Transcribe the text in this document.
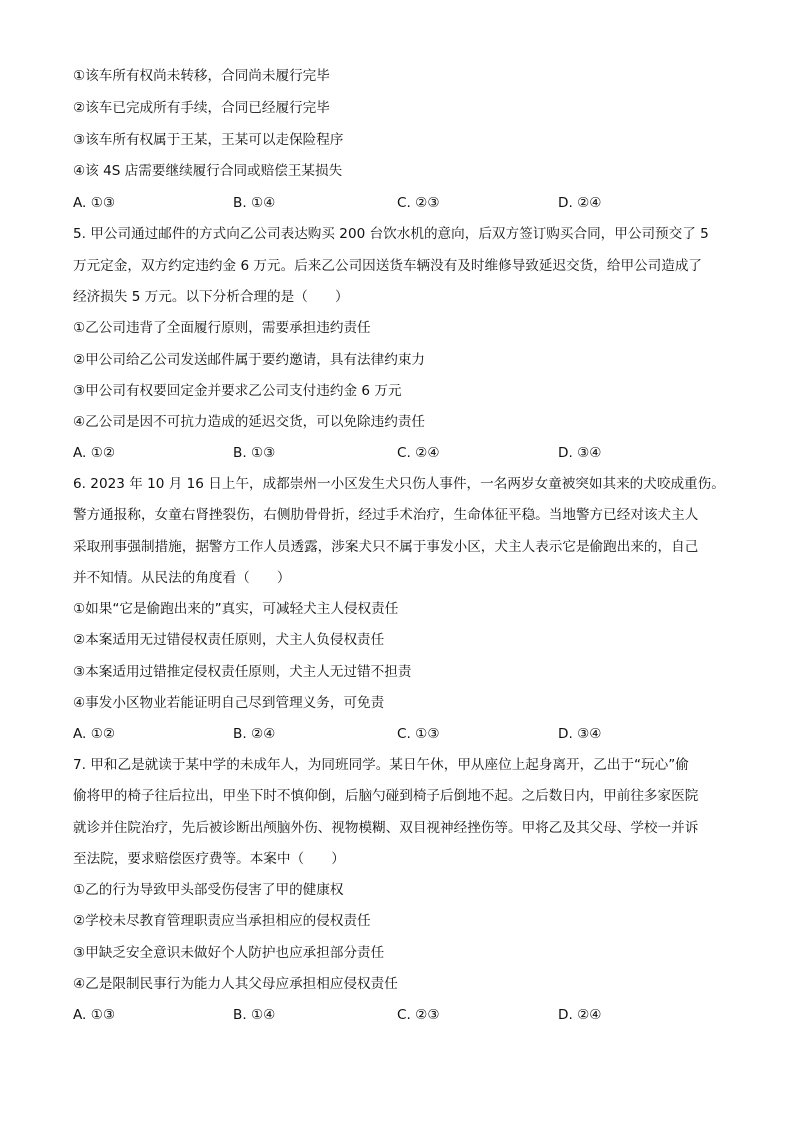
①该车所有权尚未转移，合同尚未履行完毕
②该车已完成所有手续，合同已经履行完毕
③该车所有权属于王某，王某可以走保险程序
④该 4S 店需要继续履行合同或赔偿王某损失
A. ①③	B. ①④	C. ②③	D. ②④
5. 甲公司通过邮件的方式向乙公司表达购买 200 台饮水机的意向，后双方签订购买合同，甲公司预交了 5
万元定金，双方约定违约金 6 万元。后来乙公司因送货车辆没有及时维修导致延迟交货，给甲公司造成了
经济损失 5 万元。以下分析合理的是（　　）
①乙公司违背了全面履行原则，需要承担违约责任
②甲公司给乙公司发送邮件属于要约邀请，具有法律约束力
③甲公司有权要回定金并要求乙公司支付违约金 6 万元
④乙公司是因不可抗力造成的延迟交货，可以免除违约责任
A. ①②	B. ①③	C. ②④	D. ③④
6. 2023 年 10 月 16 日上午，成都崇州一小区发生犬只伤人事件，一名两岁女童被突如其来的犬咬成重伤。
警方通报称，女童右肾挫裂伤，右侧肋骨骨折，经过手术治疗，生命体征平稳。当地警方已经对该犬主人
采取刑事强制措施，据警方工作人员透露，涉案犬只不属于事发小区，犬主人表示它是偷跑出来的，自己
并不知情。从民法的角度看（　　）
①如果“它是偷跑出来的”真实，可减轻犬主人侵权责任
②本案适用无过错侵权责任原则，犬主人负侵权责任
③本案适用过错推定侵权责任原则，犬主人无过错不担责
④事发小区物业若能证明自己尽到管理义务，可免责
A. ①②	B. ②④	C. ①③	D. ③④
7. 甲和乙是就读于某中学的未成年人，为同班同学。某日午休，甲从座位上起身离开，乙出于“玩心”偷
偷将甲的椅子往后拉出，甲坐下时不慎仰倒，后脑勺碰到椅子后倒地不起。之后数日内，甲前往多家医院
就诊并住院治疗，先后被诊断出颅脑外伤、视物模糊、双目视神经挫伤等。甲将乙及其父母、学校一并诉
至法院，要求赔偿医疗费等。本案中（　　）
①乙的行为导致甲头部受伤侵害了甲的健康权
②学校未尽教育管理职责应当承担相应的侵权责任
③甲缺乏安全意识未做好个人防护也应承担部分责任
④乙是限制民事行为能力人其父母应承担相应侵权责任
A. ①③	B. ①④	C. ②③	D. ②④
